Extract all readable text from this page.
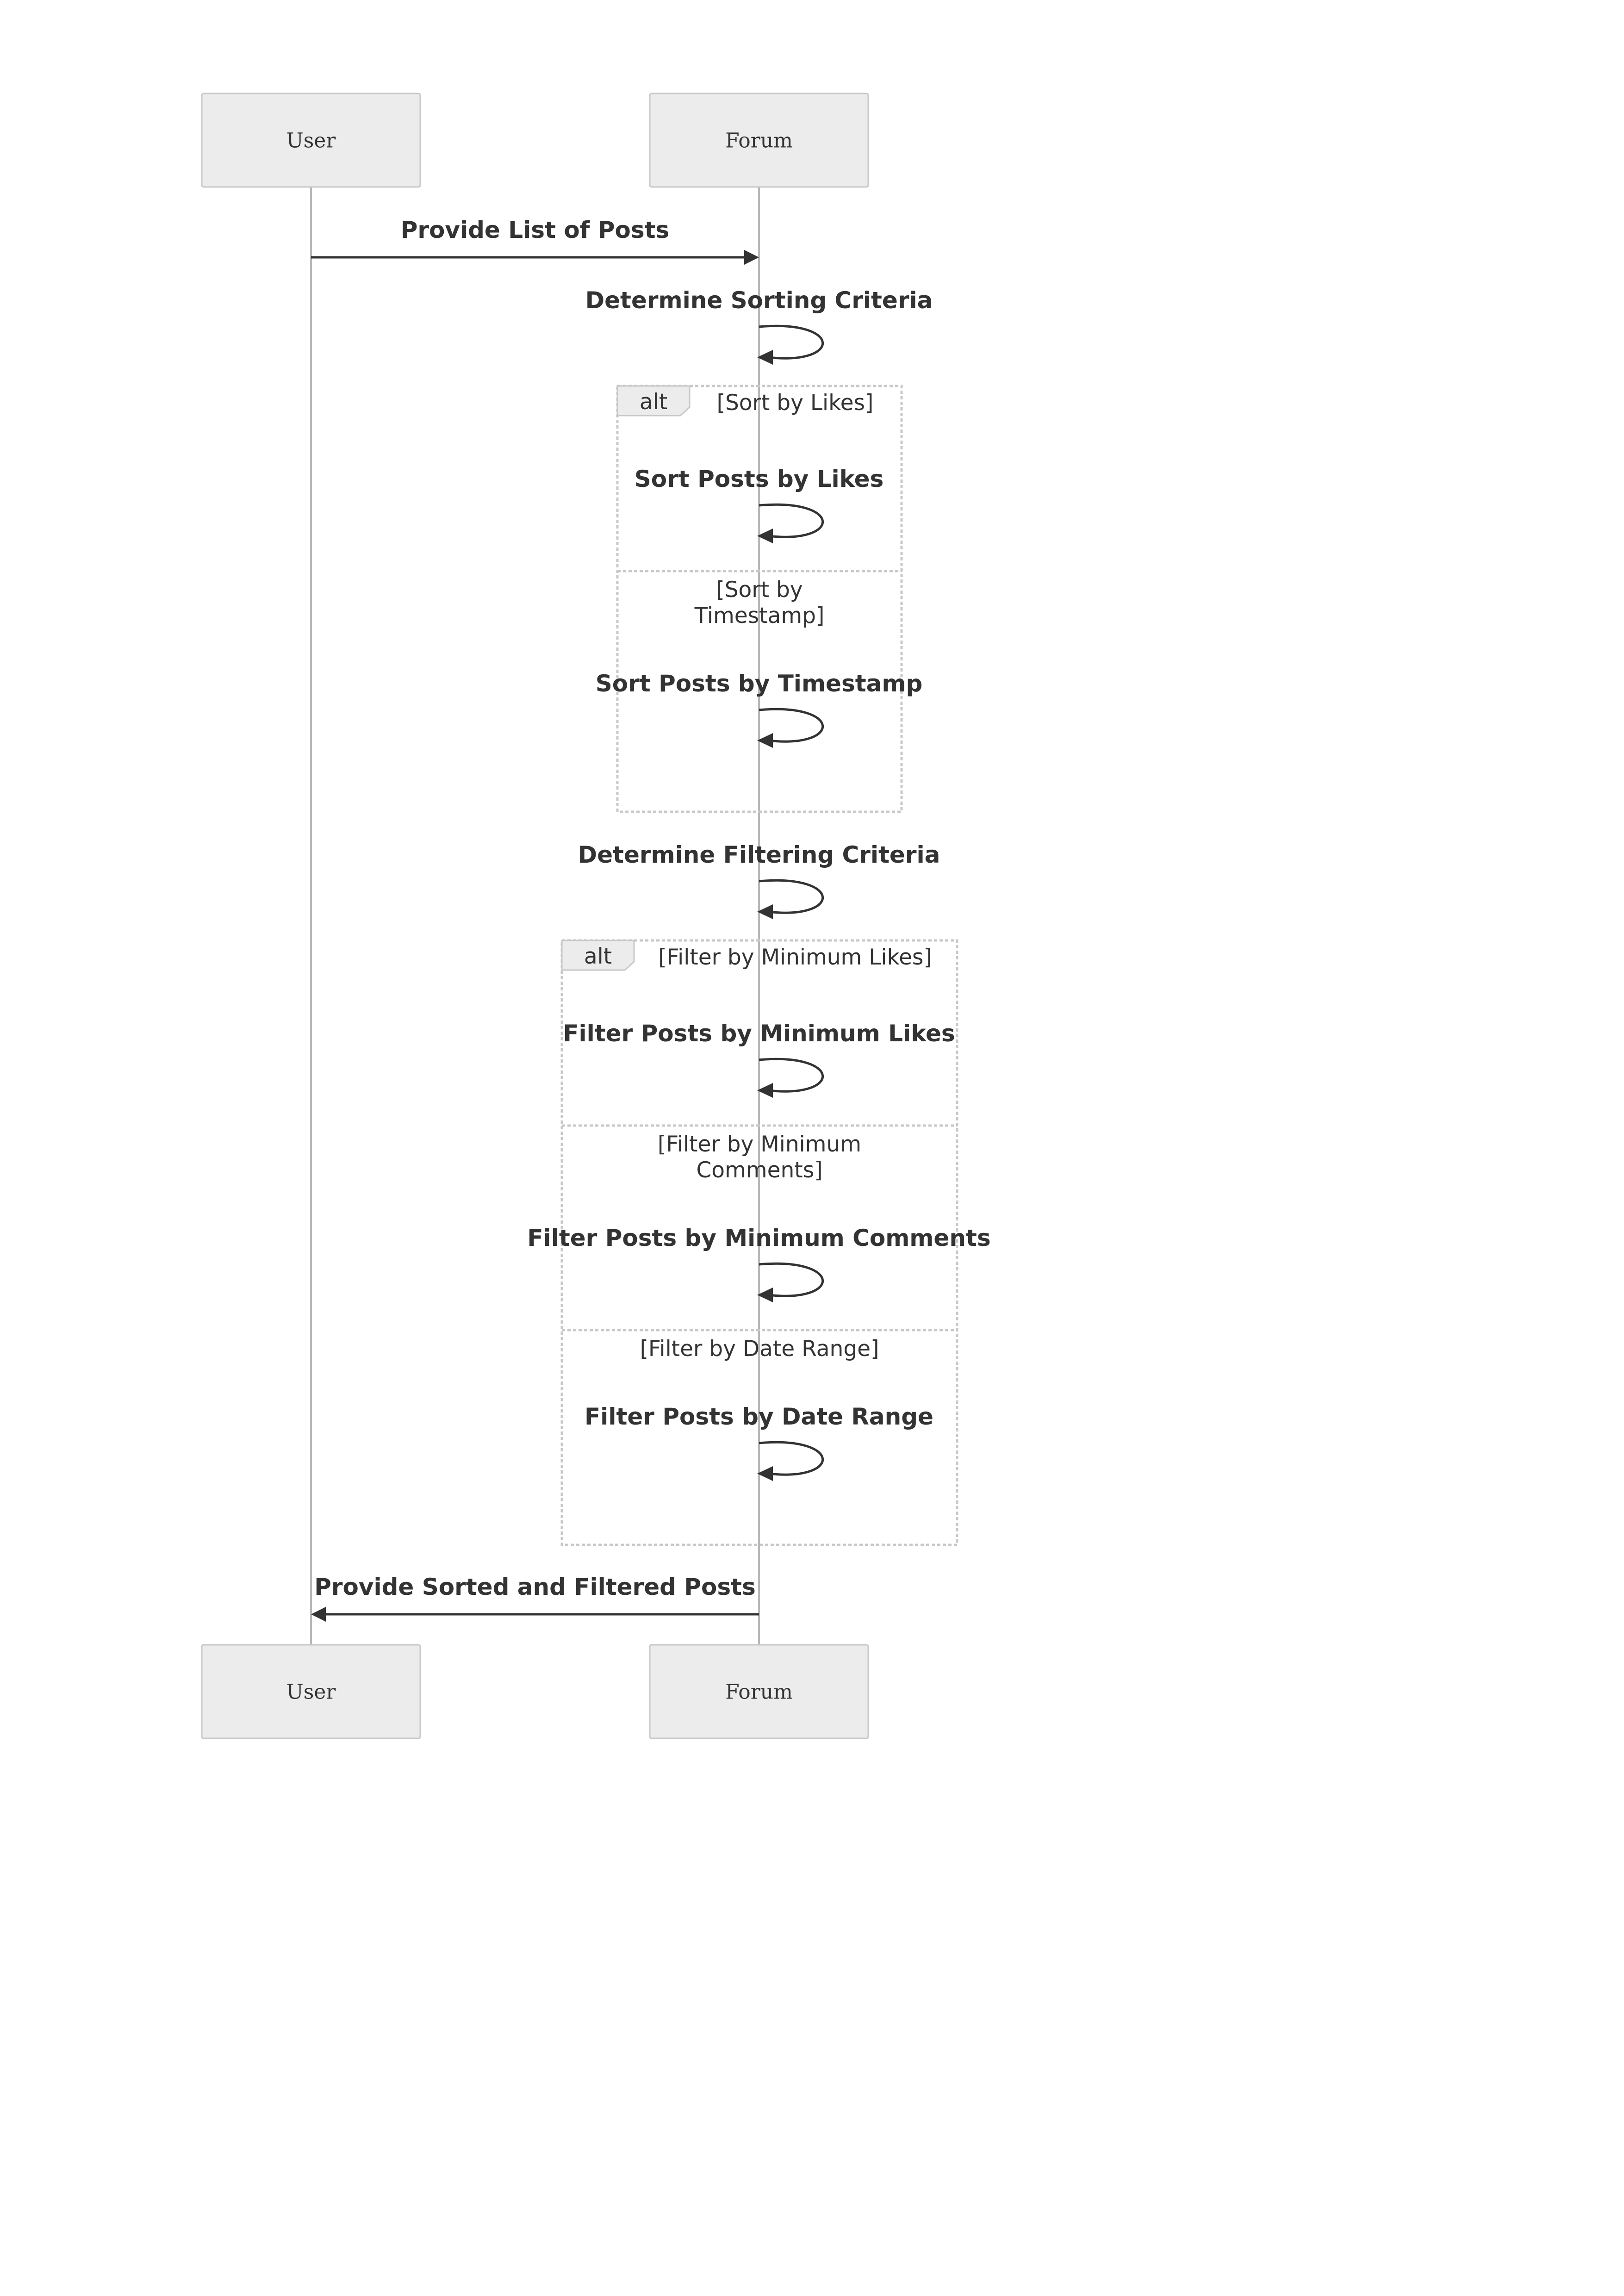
alt [Sort by Likes]
[Sort by
Timestamp]
alt [Filter by Minimum Likes]
[Filter by Minimum
Comments]
[Filter by Date Range]
Provide List of Posts
Determine Sorting Criteria
Sort Posts by Likes
Sort Posts by Timestamp
Determine Filtering Criteria
Filter Posts by Minimum Likes
Filter Posts by Minimum Comments
Filter Posts by Date Range
Provide Sorted and Filtered Posts
User	Forum
User	Forum
